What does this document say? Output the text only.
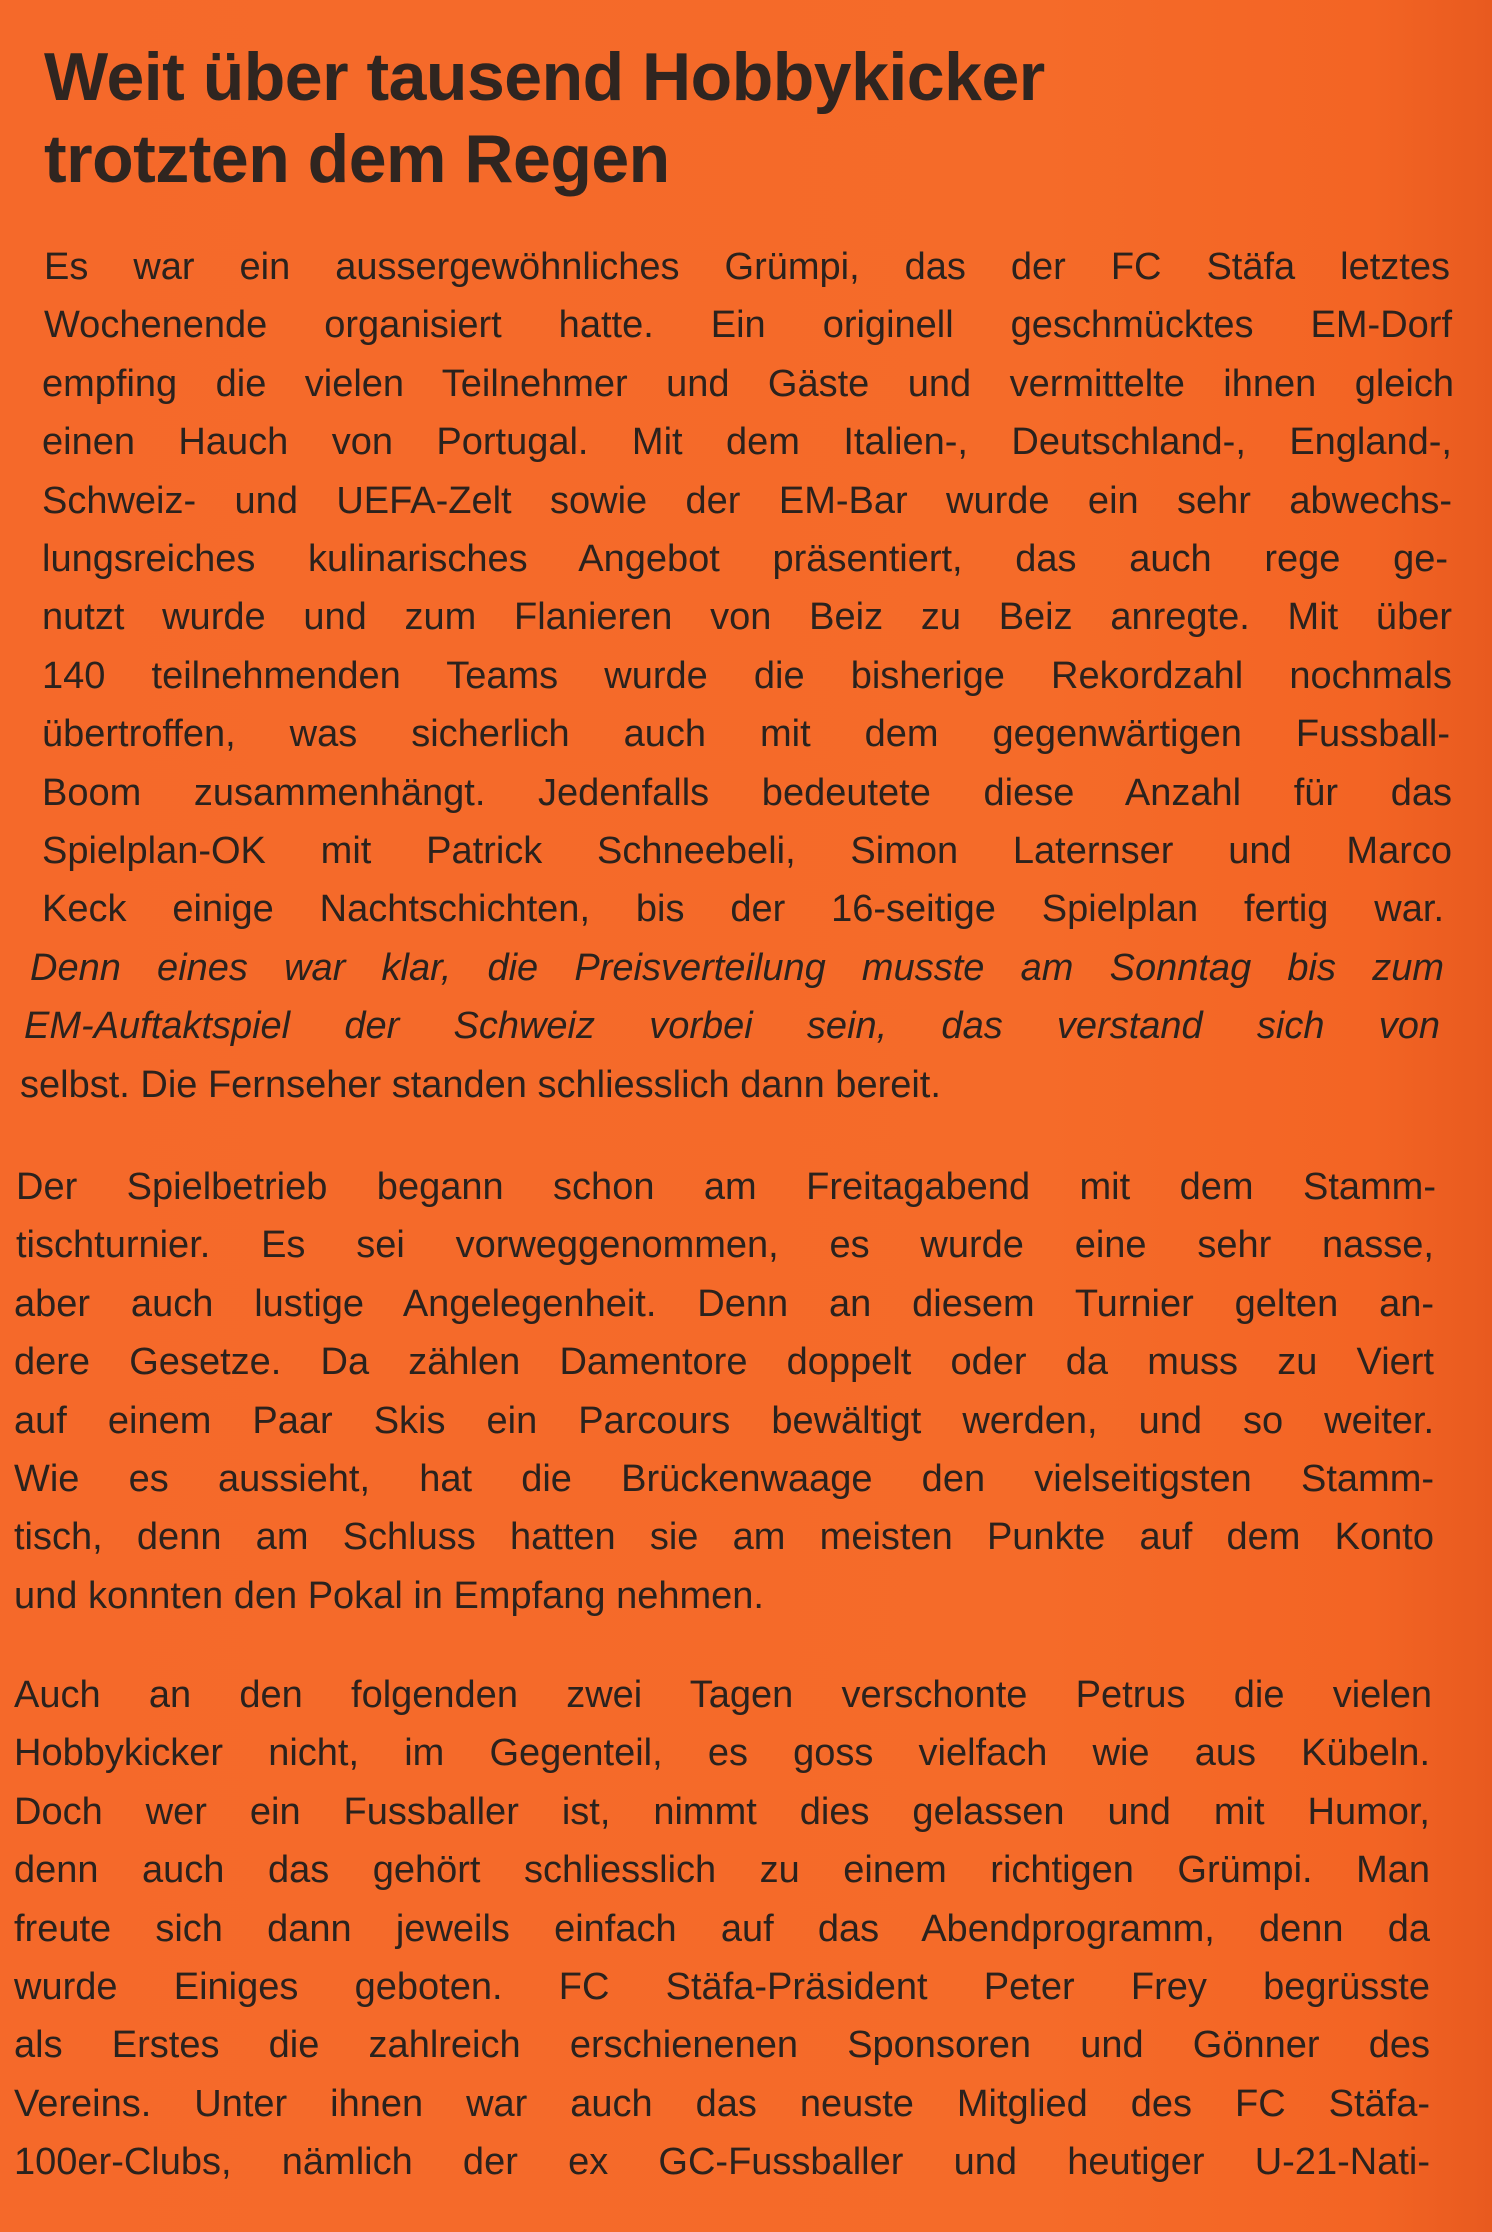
Weit über tausend Hobbykicker
trotzten dem Regen
Es war ein aussergewöhnliches Grümpi, das der FC Stäfa letztes
Wochenende organisiert hatte. Ein originell geschmücktes EM-Dorf
empfing die vielen Teilnehmer und Gäste und vermittelte ihnen gleich
einen Hauch von Portugal. Mit dem Italien-, Deutschland-, England-,
Schweiz- und UEFA-Zelt sowie der EM-Bar wurde ein sehr abwechs-
lungsreiches kulinarisches Angebot präsentiert, das auch rege ge-
nutzt wurde und zum Flanieren von Beiz zu Beiz anregte. Mit über
140 teilnehmenden Teams wurde die bisherige Rekordzahl nochmals
übertroffen, was sicherlich auch mit dem gegenwärtigen Fussball-
Boom zusammenhängt. Jedenfalls bedeutete diese Anzahl für das
Spielplan-OK mit Patrick Schneebeli, Simon Laternser und Marco
Keck einige Nachtschichten, bis der 16-seitige Spielplan fertig war.
Denn eines war klar, die Preisverteilung musste am Sonntag bis zum
EM-Auftaktspiel der Schweiz vorbei sein, das verstand sich von
selbst. Die Fernseher standen schliesslich dann bereit.
Der Spielbetrieb begann schon am Freitagabend mit dem Stamm-
tischturnier. Es sei vorweggenommen, es wurde eine sehr nasse,
aber auch lustige Angelegenheit. Denn an diesem Turnier gelten an-
dere Gesetze. Da zählen Damentore doppelt oder da muss zu Viert
auf einem Paar Skis ein Parcours bewältigt werden, und so weiter.
Wie es aussieht, hat die Brückenwaage den vielseitigsten Stamm-
tisch, denn am Schluss hatten sie am meisten Punkte auf dem Konto
und konnten den Pokal in Empfang nehmen.
Auch an den folgenden zwei Tagen verschonte Petrus die vielen
Hobbykicker nicht, im Gegenteil, es goss vielfach wie aus Kübeln.
Doch wer ein Fussballer ist, nimmt dies gelassen und mit Humor,
denn auch das gehört schliesslich zu einem richtigen Grümpi. Man
freute sich dann jeweils einfach auf das Abendprogramm, denn da
wurde Einiges geboten. FC Stäfa-Präsident Peter Frey begrüsste
als Erstes die zahlreich erschienenen Sponsoren und Gönner des
Vereins. Unter ihnen war auch das neuste Mitglied des FC Stäfa-
100er-Clubs, nämlich der ex GC-Fussballer und heutiger U-21-Nati-
